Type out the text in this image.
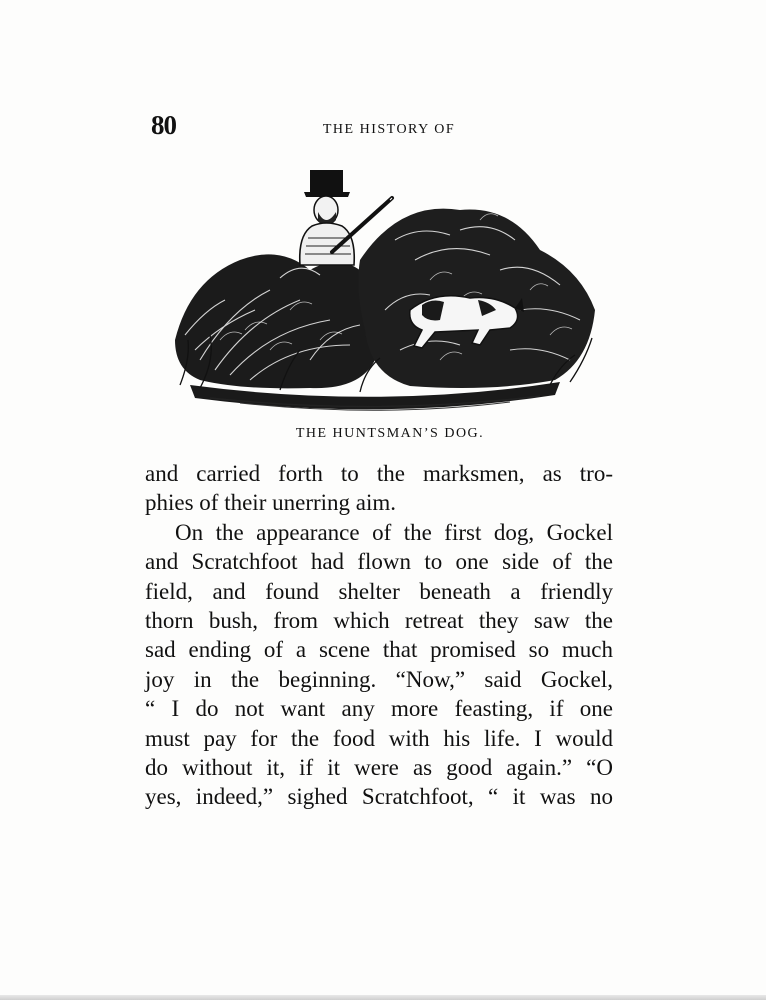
80	THE HISTORY OF
THE HUNTSMAN’S DOG.
and carried forth to the marksmen, as tro-
phies of their unerring aim.
On the appearance of the first dog, Gockel
and Scratchfoot had flown to one side of the
field, and found shelter beneath a friendly
thorn bush, from which retreat they saw the
sad ending of a scene that promised so much
joy in the beginning. “Now,” said Gockel,
“ I do not want any more feasting, if one
must pay for the food with his life. I would
do without it, if it were as good again.” “O
yes, indeed,” sighed Scratchfoot, “ it was no
